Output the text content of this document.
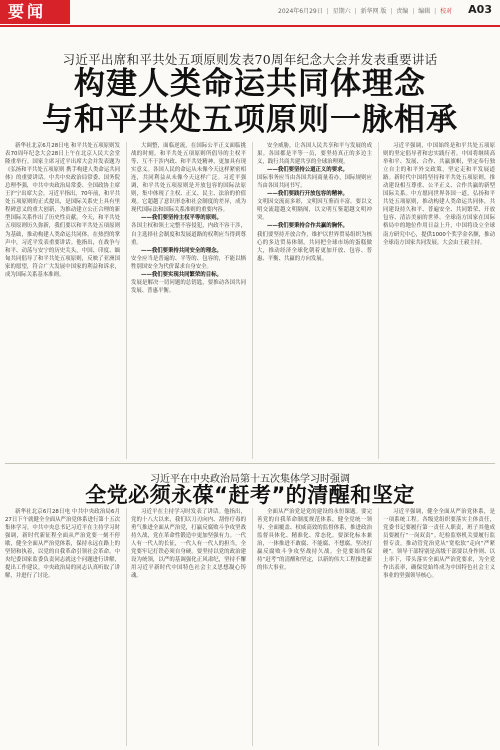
要闻	2024年6月29日 | 星期六 | 新华网 版 | 责编 | 编辑 | 校对 A03
习近平出席和平共处五项原则发表70周年纪念大会并发表重要讲话
构建人类命运共同体理念
与和平共处五项原则一脉相承
新华社北京6月28日电 和平共处五项原则发表70周年纪念大会28日上午在北京人民大会堂隆重举行。国家主席习近平出席大会并发表题为《弘扬和平共处五项原则 携手构建人类命运共同体》的重要讲话。中共中央政治局常委、国务院总理李强，中共中央政治局常委、全国政协主席王沪宁出席大会。习近平指出，70年前，和平共处五项原则的正式提出，是国际关系史上具有里程碑意义的重大创新，为推动建立公正合理的新型国际关系作出了历史性贡献。今天，和平共处五项原则历久弥新，我们要以和平共处五项原则为基础，推动构建人类命运共同体。在热烈的掌声中，习近平发表重要讲话。他指出，在战争与和平、动荡与安宁的历史关头，中国、印度、缅甸共同倡导了和平共处五项原则，反映了亚洲国家的愿望，符合广大发展中国家的利益和诉求，成为国际关系基本准则。
大调整，面临逆流，在国际公平正义面临挑战的时刻，和平共处五项原则所倡导的主权平等、互不干涉内政、和平共处精神，更加具有现实意义。各国人民的命运从未像今天这样紧密相连，共同利益从未像今天这样广泛。习近平强调，和平共处五项原则是开放包容的国际法原则，集中体现了主权、正义、民主、法治的价值观。它超越了意识形态和社会制度的差异，成为现代国际法和国际关系准则的重要内容。
——我们要坚持主权平等的原则。
各国主权和领土完整不容侵犯，内政不容干涉，自主选择社会制度和发展道路的权利应当得到尊重。
——我们要秉持共同安全的理念。
安全应当是普遍的、平等的、包容的，不能以牺牲别国安全为代价谋求自身安全。
——我们要实现共同繁荣的目标。
发展是解决一切问题的总钥匙，要推动各国共同发展、普惠平衡。
安全威胁，让各国人民共享和平与发展的成果。各国都是平等一员，要坚持真正的多边主义，践行共商共建共享的全球治理观。
——我们要坚持公道正义的要求。
国际事务应当由各国共同商量着办，国际规则应当由各国共同书写。
——我们要践行开放包容的精神。
文明因交流而多彩，文明因互鉴而丰富。要以文明交流超越文明隔阂，以文明互鉴超越文明冲突。
——我们要秉持合作共赢的胸怀。
我们要坚持开放合作，维护以世界贸易组织为核心的多边贸易体制，共同把全球市场的蛋糕做大，推动经济全球化朝着更加开放、包容、普惠、平衡、共赢的方向发展。
习近平强调，中国始终是和平共处五项原则的坚定倡导者和忠实践行者。中国将继续高举和平、发展、合作、共赢旗帜，坚定奉行独立自主的和平外交政策，坚定走和平发展道路。新时代中国将坚持和平共处五项原则，推动建设相互尊重、公平正义、合作共赢的新型国际关系。中方愿同世界各国一道，弘扬和平共处五项原则，推动构建人类命运共同体，共同建设持久和平、普遍安全、共同繁荣、开放包容、清洁美丽的世界。全球南方国家在国际格局中的地位作用日益上升，中国将设立全球南方研究中心，提供1000个奖学金名额，推动全球南方国家共同发展。大会由王毅主持。
习近平在中央政治局第十五次集体学习时强调
全党必须永葆“赶考”的清醒和坚定
新华社北京6月28日电 中共中央政治局6月27日下午就健全全面从严治党体系进行第十五次集体学习。中共中央总书记习近平在主持学习时强调，新时代新征程全面从严治党要一刻不停歇，健全全面从严治党体系，保持永远在路上的坚韧和执着，以党的自我革命引领社会革命。中央纪委国家监委负责同志就这个问题进行讲解，提出工作建议。中央政治局的同志认真听取了讲解，并进行了讨论。
习近平在主持学习时发表了讲话。他指出，党的十八大以来，我们以刀刃向内、刮骨疗毒的勇气推进全面从严治党，打赢反腐败斗争攻坚战持久战，党在革命性锻造中更加坚强有力。一代人有一代人的长征，一代人有一代人的担当，全党要牢记打铁必须自身硬。要坚持以党的政治建设为统领，以严的基调强化正风肃纪，坚持不懈用习近平新时代中国特色社会主义思想凝心铸魂。
全面从严治党是党的建设的永恒课题。要完善党的自我革命制度规范体系，健全党统一领导、全面覆盖、权威高效的监督体系，推进政治监督具体化、精准化、常态化。要深化标本兼治，一体推进不敢腐、不能腐、不想腐，坚决打赢反腐败斗争攻坚战持久战。全党要始终保持“赶考”的清醒和坚定，以新的伟大工程推进新的伟大事业。
习近平强调，健全全面从严治党体系，是一项系统工程。各级党组织要落实主体责任，党委书记要履行第一责任人职责，班子其他成员要履行“一岗双责”。纪检监察机关要履行监督专责，推动管党治党从“宽松软”走向“严紧硬”。领导干部特别是高级干部要以身作则、以上率下，带头落实全面从严治党要求，为全党作出表率，确保党始终成为中国特色社会主义事业的坚强领导核心。
